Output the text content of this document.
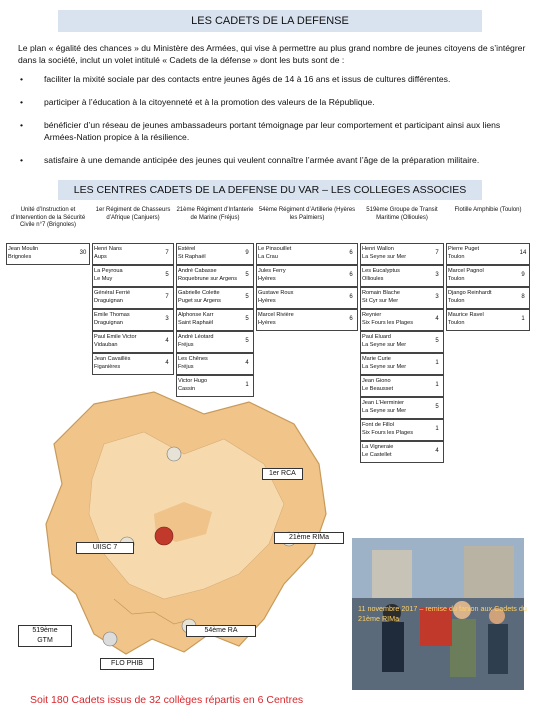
LES CADETS DE LA DEFENSE

Le plan « égalité des chances » du Ministère des Armées, qui vise à permettre au plus grand nombre de jeunes citoyens de s’intégrer dans la société, inclut un volet intitulé « Cadets de la défense » dont les buts sont de :

• faciliter la mixité sociale par des contacts entre jeunes âgés de 14 à 16 ans et issus de cultures différentes.
• participer à l’éducation à la citoyenneté et à la promotion des valeurs de la République.
• bénéficier d’un réseau de jeunes ambassadeurs portant témoignage par leur comportement et participant ainsi aux liens Armées-Nation propice à la résilience.
• satisfaire à une demande anticipée des jeunes qui veulent connaître l’armée avant l’âge de la préparation militaire.
LES CENTRES CADETS DE LA DEFENSE DU VAR – LES COLLEGES ASSOCIES
1er RCA
UIISC 7
21ème RIMa
519ème GTM
54ème RA
FLO PHIB
11 novembre 2017 – remise du fanion aux Cadets du 21ème RIMa
Soit 180 Cadets issus de 32 collèges répartis en 6 Centres
Unité d’Instruction et d’Intervention de la Sécurité Civile n°7 (Brignoles)
Jean Moulin
Brignoles
30
1er Régiment de Chasseurs d’Afrique (Canjuers)
Henri Nans
Aups
7
La Peyroua
Le Muy
5
Général Ferrié
Draguignan
7
Emile Thomas
Draguignan
3
Paul Emile Victor
Vidauban
4
Jean Cavaillès
Figanières
4
21ème Régiment d’Infanterie de Marine (Fréjus)
Estérel
St Raphaël
9
André Cabasse
Roquebrune sur Argens
5
Gabrielle Colette
Puget sur Argens
5
Alphonse Karr
Saint Raphaël
5
André Léotard
Fréjus
5
Les Chênes
Fréjus
4
Victor Hugo
Cassin
1
54ème Régiment d’Artillerie (Hyères les Palmiers)
Le Pinsouillet
La Crau
6
Jules Ferry
Hyères
6
Gustave Roux
Hyères
6
Marcel Rivière
Hyères
6
519ème Groupe de Transit Maritime (Ollioules)
Henri Wallon
La Seyne sur Mer
7
Les Eucalyptus
Ollioules
3
Romain Blache
St Cyr sur Mer
3
Reynier
Six Fours les Plages
4
Paul Eluard
La Seyne sur Mer
5
Marie Curie
La Seyne sur Mer
1
Jean Giono
Le Beausset
1
Jean L’Herminier
La Seyne sur Mer
5
Font de Fillol
Six Fours les Plages
1
La Vigneraie
Le Castellet
4
Flotille Amphibie (Toulon)
Pierre Puget
Toulon
14
Marcel Pagnol
Toulon
9
Django Reinhardt
Toulon
8
Maurice Ravel
Toulon
1
